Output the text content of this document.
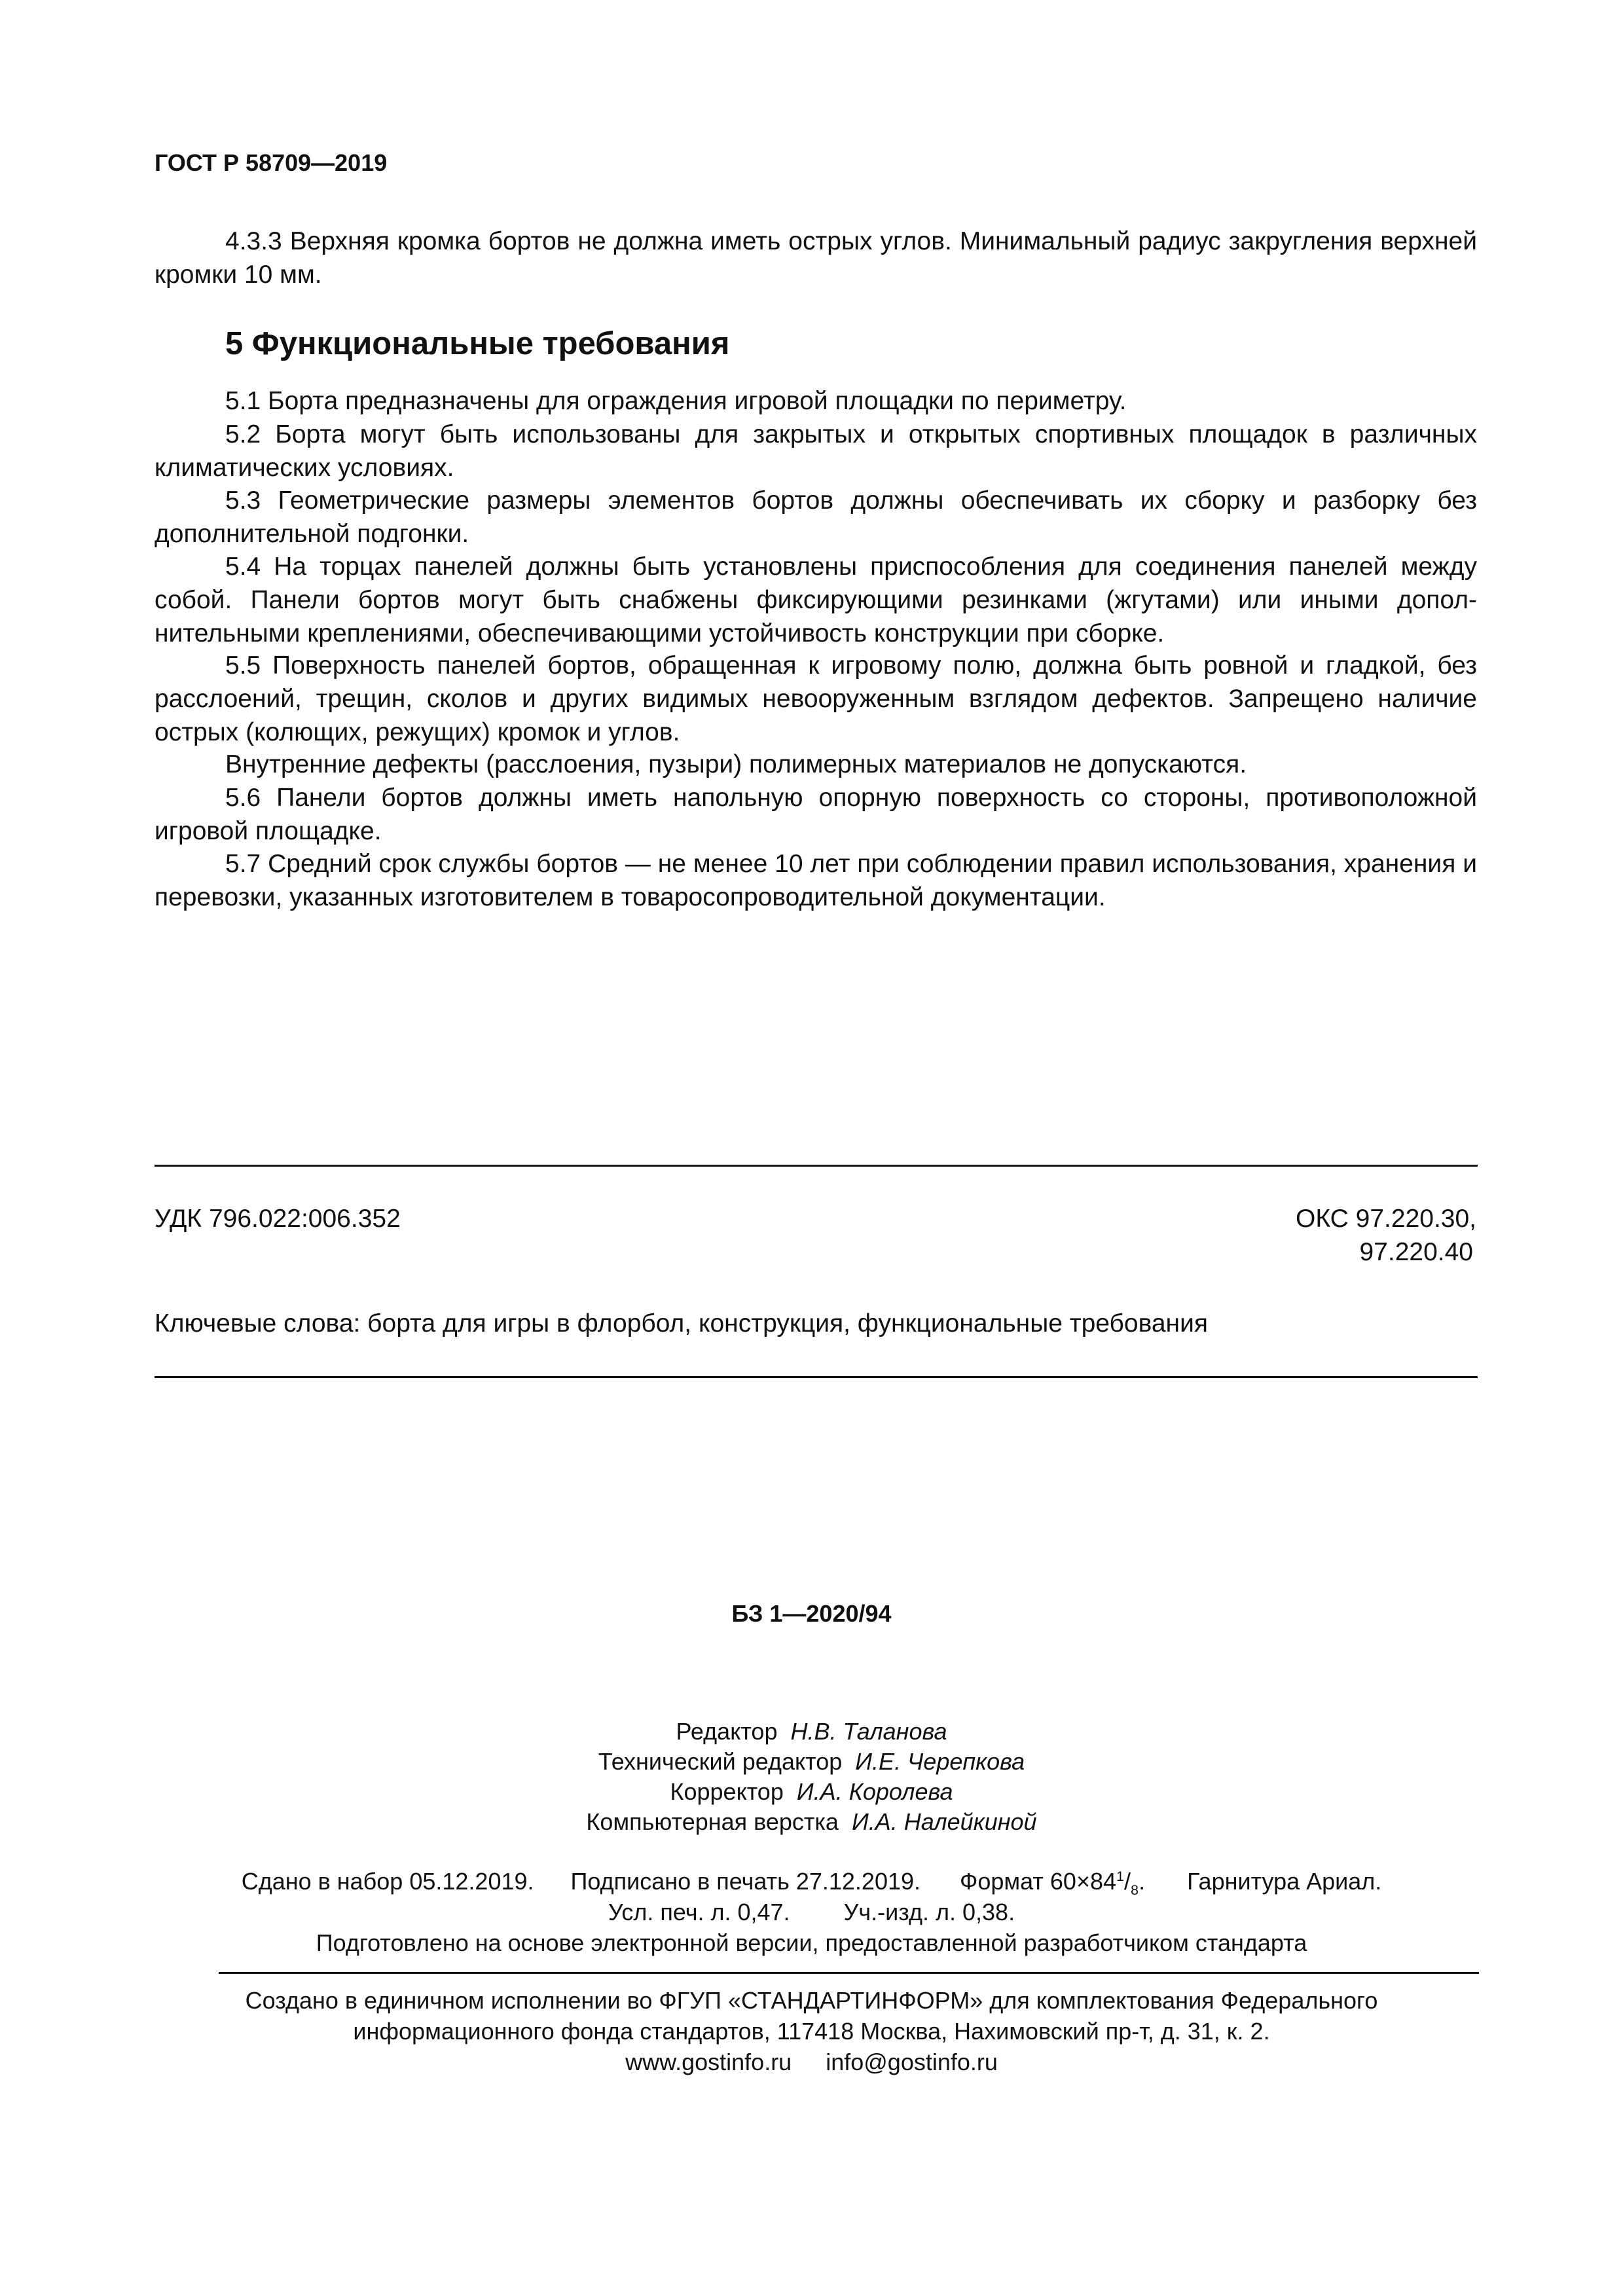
ГОСТ Р 58709—2019
4.3.3 Верхняя кромка бортов не должна иметь острых углов. Минимальный радиус закругления верхней кромки 10 мм.
5 Функциональные требования
5.1 Борта предназначены для ограждения игровой площадки по периметру.
5.2 Борта могут быть использованы для закрытых и открытых спортивных площадок в различных климатических условиях.
5.3 Геометрические размеры элементов бортов должны обеспечивать их сборку и разборку без дополнительной подгонки.
5.4 На торцах панелей должны быть установлены приспособления для соединения панелей между собой. Панели бортов могут быть снабжены фиксирующими резинками (жгутами) или иными дополнительными креплениями, обеспечивающими устойчивость конструкции при сборке.
5.5 Поверхность панелей бортов, обращенная к игровому полю, должна быть ровной и гладкой, без расслоений, трещин, сколов и других видимых невооруженным взглядом дефектов. Запрещено наличие острых (колющих, режущих) кромок и углов.
Внутренние дефекты (расслоения, пузыри) полимерных материалов не допускаются.
5.6 Панели бортов должны иметь напольную опорную поверхность со стороны, противоположной игровой площадке.
5.7 Средний срок службы бортов — не менее 10 лет при соблюдении правил использования, хранения и перевозки, указанных изготовителем в товаросопроводительной документации.
УДК 796.022:006.352	ОКС 97.220.30,
97.220.40
Ключевые слова: борта для игры в флорбол, конструкция, функциональные требования
БЗ 1—2020/94
Редактор Н.В. Таланова
Технический редактор И.Е. Черепкова
Корректор И.А. Королева
Компьютерная верстка И.А. Налейкиной
Сдано в набор 05.12.2019. Подписано в печать 27.12.2019. Формат $60\times 84^1/_8$. Гарнитура Ариал.
Усл. печ. л. 0,47. Уч.-изд. л. 0,38.
Подготовлено на основе электронной версии, предоставленной разработчиком стандарта
Создано в единичном исполнении во ФГУП «СТАНДАРТИНФОРМ» для комплектования Федерального
информационного фонда стандартов, 117418 Москва, Нахимовский пр-т, д. 31, к. 2.
www.gostinfo.ru info@gostinfo.ru
